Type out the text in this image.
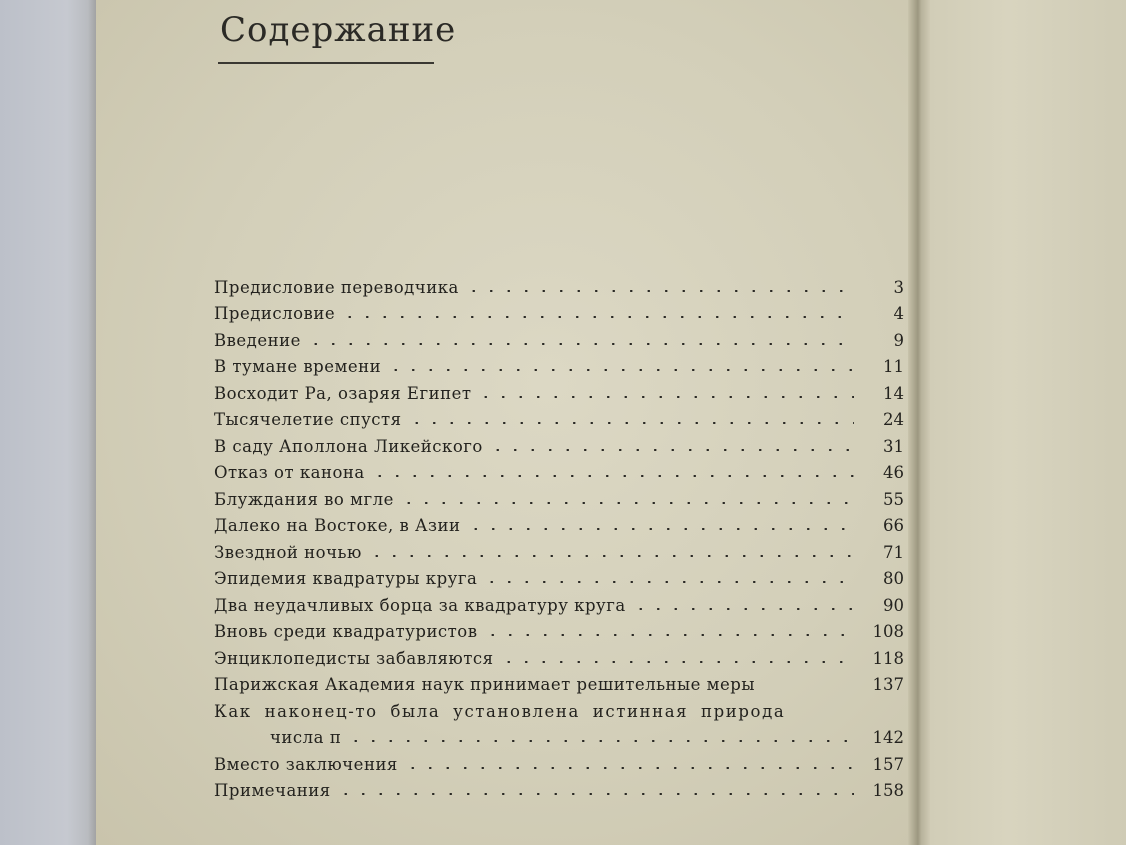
Содержание
Предисловие переводчика	3
Предисловие	4
Введение	9
В тумане времени	11
Восходит Ра, озаряя Египет	14
Тысячелетие спустя	24
В саду Аполлона Ликейского	31
Отказ от канона	46
Блуждания во мгле	55
Далеко на Востоке, в Азии	66
Звездной ночью	71
Эпидемия квадратуры круга	80
Два неудачливых борца за квадратуру круга	90
Вновь среди квадратуристов	108
Энциклопедисты забавляются	118
Парижская Академия наук принимает решительные меры	137
Как наконец-то была установлена истинная природа
числа π	142
Вместо заключения	157
Примечания	158
